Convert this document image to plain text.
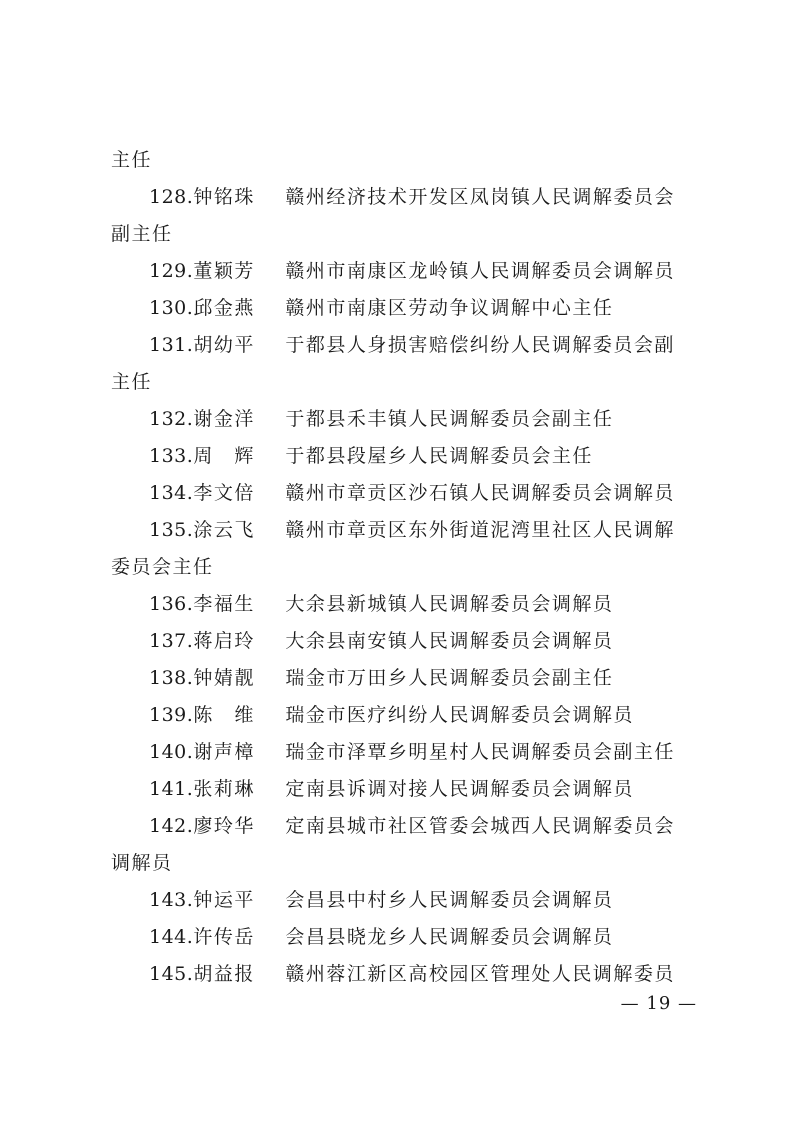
主任
128.钟铭珠 赣州经济技术开发区凤岗镇人民调解委员会
副主任
129.董颖芳 赣州市南康区龙岭镇人民调解委员会调解员
130.邱金燕 赣州市南康区劳动争议调解中心主任
131.胡幼平 于都县人身损害赔偿纠纷人民调解委员会副
主任
132.谢金洋 于都县禾丰镇人民调解委员会副主任
133.周　辉 于都县段屋乡人民调解委员会主任
134.李文倍 赣州市章贡区沙石镇人民调解委员会调解员
135.涂云飞 赣州市章贡区东外街道泥湾里社区人民调解
委员会主任
136.李福生 大余县新城镇人民调解委员会调解员
137.蒋启玲 大余县南安镇人民调解委员会调解员
138.钟婧靓 瑞金市万田乡人民调解委员会副主任
139.陈　维 瑞金市医疗纠纷人民调解委员会调解员
140.谢声樟 瑞金市泽覃乡明星村人民调解委员会副主任
141.张莉琳 定南县诉调对接人民调解委员会调解员
142.廖玲华 定南县城市社区管委会城西人民调解委员会
调解员
143.钟运平 会昌县中村乡人民调解委员会调解员
144.许传岳 会昌县晓龙乡人民调解委员会调解员
145.胡益报 赣州蓉江新区高校园区管理处人民调解委员
— 19 —
